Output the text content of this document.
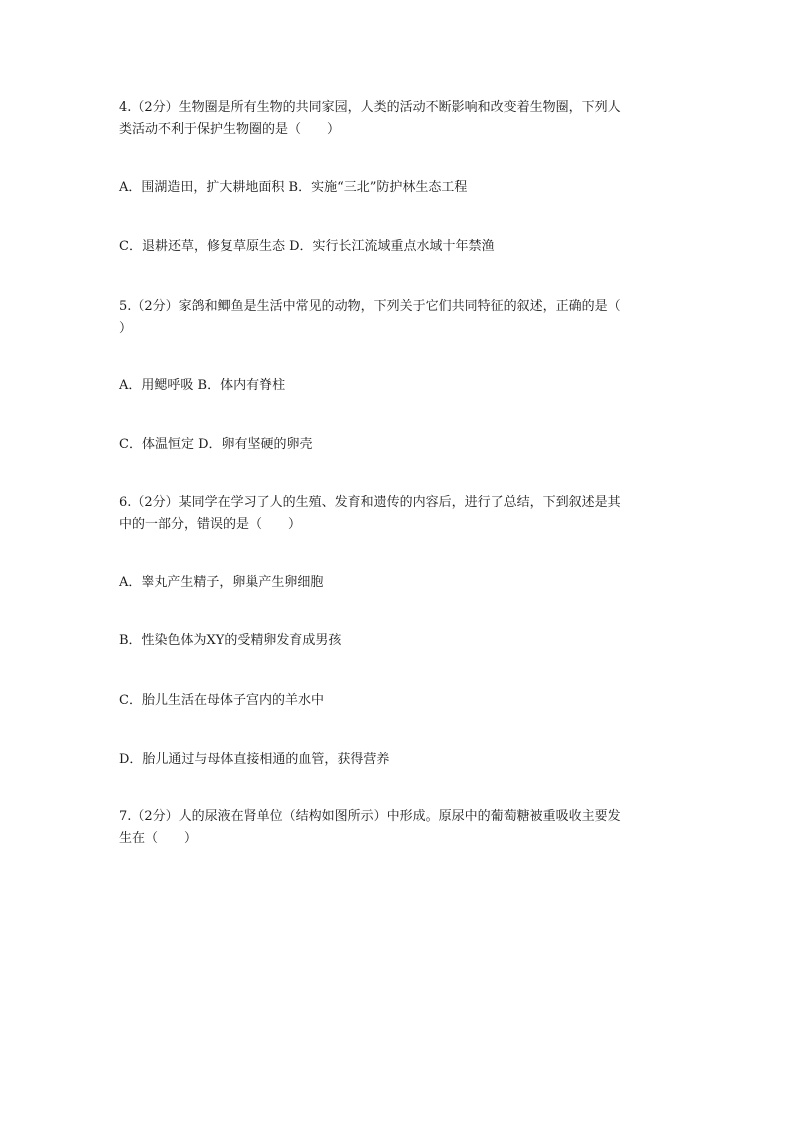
4.（2分）生物圈是所有生物的共同家园，人类的活动不断影响和改变着生物圈，下列人
类活动不利于保护生物圈的是（　　）
A．围湖造田，扩大耕地面积 B．实施“三北”防护林生态工程
C．退耕还草，修复草原生态 D．实行长江流域重点水域十年禁渔
5.（2分）家鸽和鲫鱼是生活中常见的动物，下列关于它们共同特征的叙述，正确的是（
）
A．用鳃呼吸 B．体内有脊柱
C．体温恒定 D．卵有坚硬的卵壳
6.（2分）某同学在学习了人的生殖、发育和遗传的内容后，进行了总结，下到叙述是其
中的一部分，错误的是（　　）
A．睾丸产生精子，卵巢产生卵细胞
B．性染色体为XY的受精卵发育成男孩
C．胎儿生活在母体子宫内的羊水中
D．胎儿通过与母体直接相通的血管，获得营养
7.（2分）人的尿液在肾单位（结构如图所示）中形成。原尿中的葡萄糖被重吸收主要发
生在（　　）
